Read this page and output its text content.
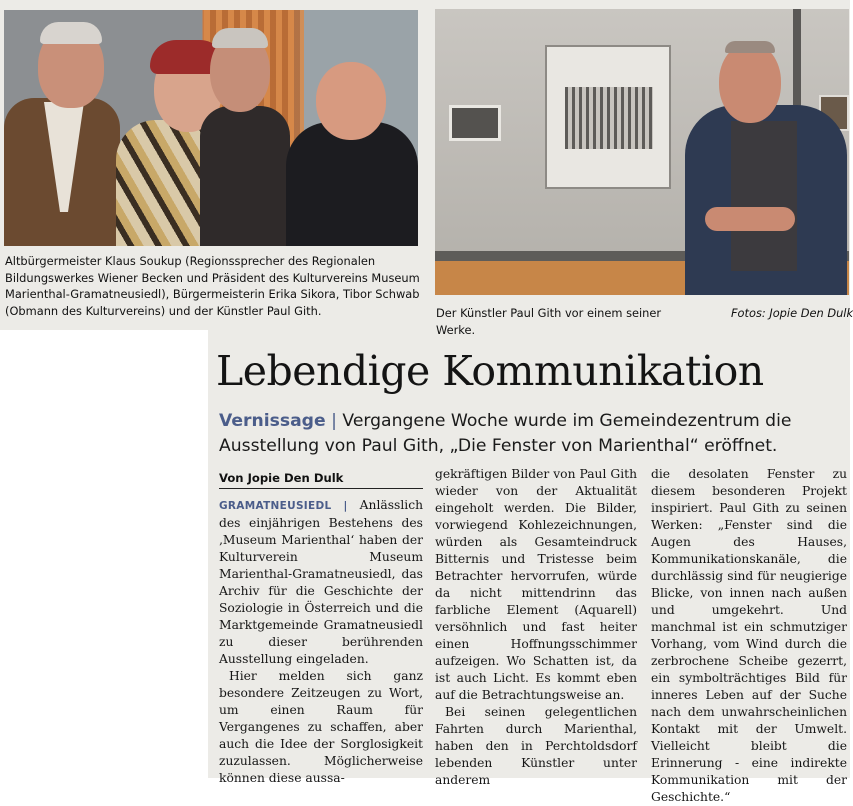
Altbürgermeister Klaus Soukup (Regionssprecher des Regionalen Bildungswerkes Wiener Becken und Präsident des Kulturvereins Museum Marienthal-Gramatneusiedl), Bürgermeisterin Erika Sikora, Tibor Schwab (Obmann des Kulturvereins) und der Künstler Paul Gith.	Der Künstler Paul Gith vor einem seiner Werke.
Fotos: Jopie Den Dulk
Lebendige Kommunikation
Vernissage | Vergangene Woche wurde im Gemeindezentrum die Ausstellung von Paul Gith, „Die Fenster von Marienthal“ eröffnet.
Von Jopie Den Dulk

GRAMATNEUSIEDL | Anlässlich des einjährigen Bestehens des ‚Museum Marienthal‘ haben der Kulturverein Museum Marienthal-Gramatneusiedl, das Archiv für die Geschichte der Soziologie in Österreich und die Marktgemeinde Gramatneusiedl zu dieser berührenden Ausstellung eingeladen.

Hier melden sich ganz besondere Zeitzeugen zu Wort, um einen Raum für Vergangenes zu schaffen, aber auch die Idee der Sorglosigkeit zuzulassen. Möglicherweise können diese aussa-

gekräftigen Bilder von Paul Gith wieder von der Aktualität eingeholt werden. Die Bilder, vorwiegend Kohlezeichnungen, würden als Gesamteindruck Bitternis und Tristesse beim Betrachter hervorrufen, würde da nicht mittendrinn das farbliche Element (Aquarell) versöhnlich und fast heiter einen Hoffnungsschimmer aufzeigen. Wo Schatten ist, da ist auch Licht. Es kommt eben auf die Betrachtungsweise an.

Bei seinen gelegentlichen Fahrten durch Marienthal, haben den in Perchtoldsdorf lebenden Künstler unter anderem

die desolaten Fenster zu diesem besonderen Projekt inspiriert. Paul Gith zu seinen Werken: „Fenster sind die Augen des Hauses, Kommunikationskanäle, die durchlässig sind für neugierige Blicke, von innen nach außen und umgekehrt. Und manchmal ist ein schmutziger Vorhang, vom Wind durch die zerbrochene Scheibe gezerrt, ein symbolträchtiges Bild für inneres Leben auf der Suche nach dem unwahrscheinlichen Kontakt mit der Umwelt. Vielleicht bleibt die Erinnerung - eine indirekte Kommunikation mit der Geschichte.“
